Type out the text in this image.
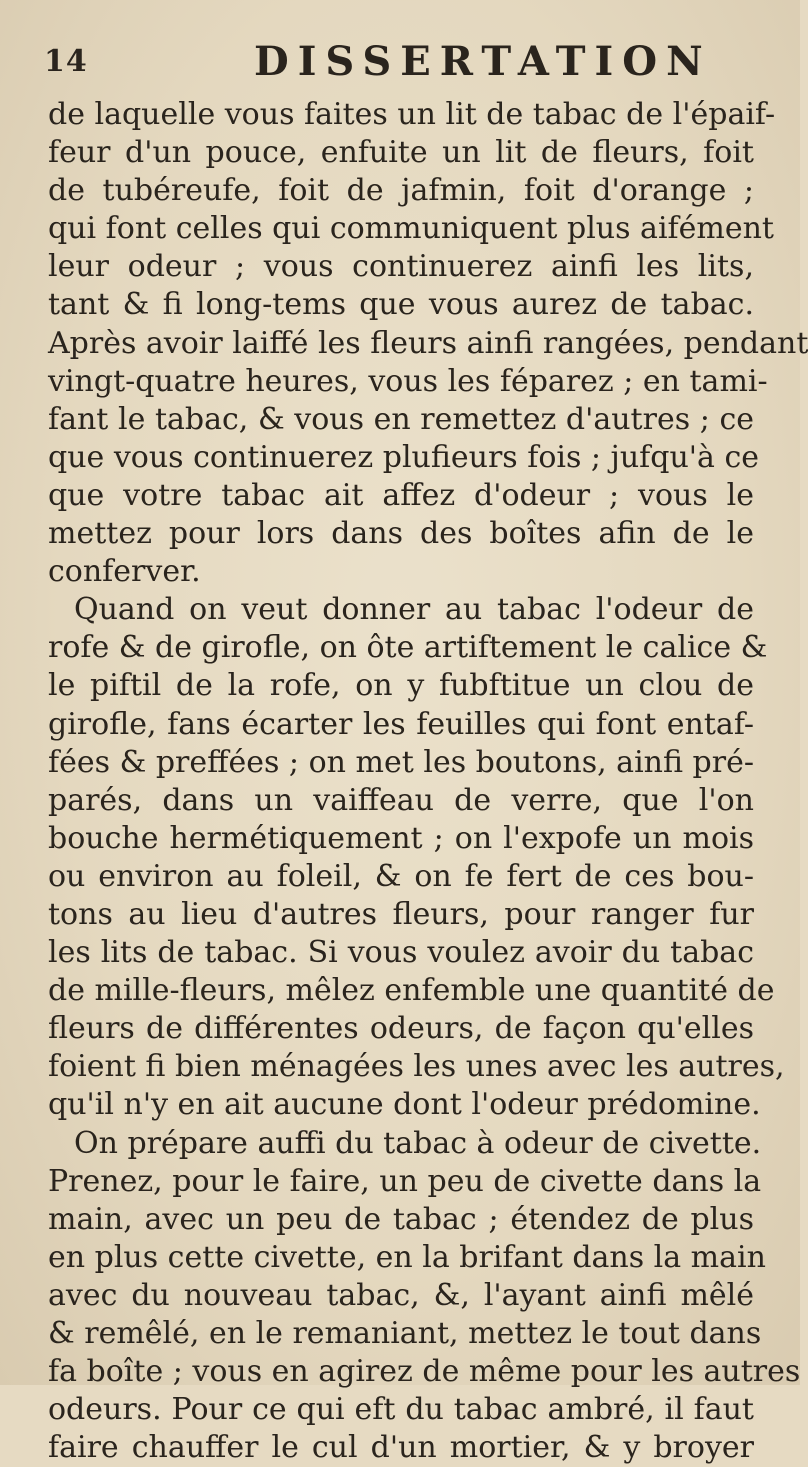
14	DISSERTATION
de laquelle vous faites un lit de tabac de l'épaif-
feur d'un pouce, enfuite un lit de fleurs, foit
de tubéreufe, foit de jafmin, foit d'orange ;
qui font celles qui communiquent plus aifément
leur odeur ; vous continuerez ainfi les lits,
tant & fi long-tems que vous aurez de tabac.
Après avoir laiffé les fleurs ainfi rangées, pendant
vingt-quatre heures, vous les féparez ; en tami-
fant le tabac, & vous en remettez d'autres ; ce
que vous continuerez plufieurs fois ; jufqu'à ce
que votre tabac ait affez d'odeur ; vous le
mettez pour lors dans des boîtes afin de le
conferver.
Quand on veut donner au tabac l'odeur de
rofe & de girofle, on ôte artiftement le calice &
le piftil de la rofe, on y fubftitue un clou de
girofle, fans écarter les feuilles qui font entaf-
fées & preffées ; on met les boutons, ainfi pré-
parés, dans un vaiffeau de verre, que l'on
bouche hermétiquement ; on l'expofe un mois
ou environ au foleil, & on fe fert de ces bou-
tons au lieu d'autres fleurs, pour ranger fur
les lits de tabac. Si vous voulez avoir du tabac
de mille-fleurs, mêlez enfemble une quantité de
fleurs de différentes odeurs, de façon qu'elles
foient fi bien ménagées les unes avec les autres,
qu'il n'y en ait aucune dont l'odeur prédomine.
On prépare auffi du tabac à odeur de civette.
Prenez, pour le faire, un peu de civette dans la
main, avec un peu de tabac ; étendez de plus
en plus cette civette, en la brifant dans la main
avec du nouveau tabac, &, l'ayant ainfi mêlé
& remêlé, en le remaniant, mettez le tout dans
fa boîte ; vous en agirez de même pour les autres
odeurs. Pour ce qui eft du tabac ambré, il faut
faire chauffer le cul d'un mortier, & y broyer
